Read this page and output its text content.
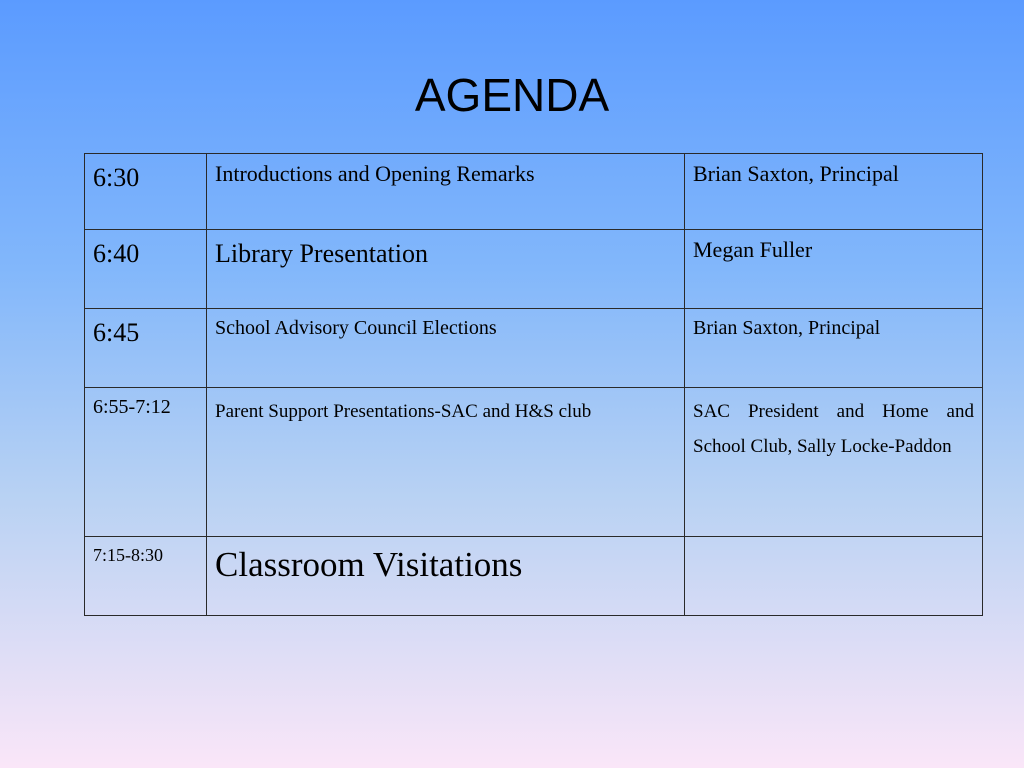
AGENDA
6:30	Introductions and Opening Remarks	Brian Saxton, Principal
6:40	Library Presentation	Megan Fuller
6:45	School Advisory Council Elections	Brian Saxton, Principal
6:55-7:12	Parent Support Presentations-SAC and H&S club	SAC President and Home and School Club, Sally Locke-Paddon
7:15-8:30	Classroom Visitations	
